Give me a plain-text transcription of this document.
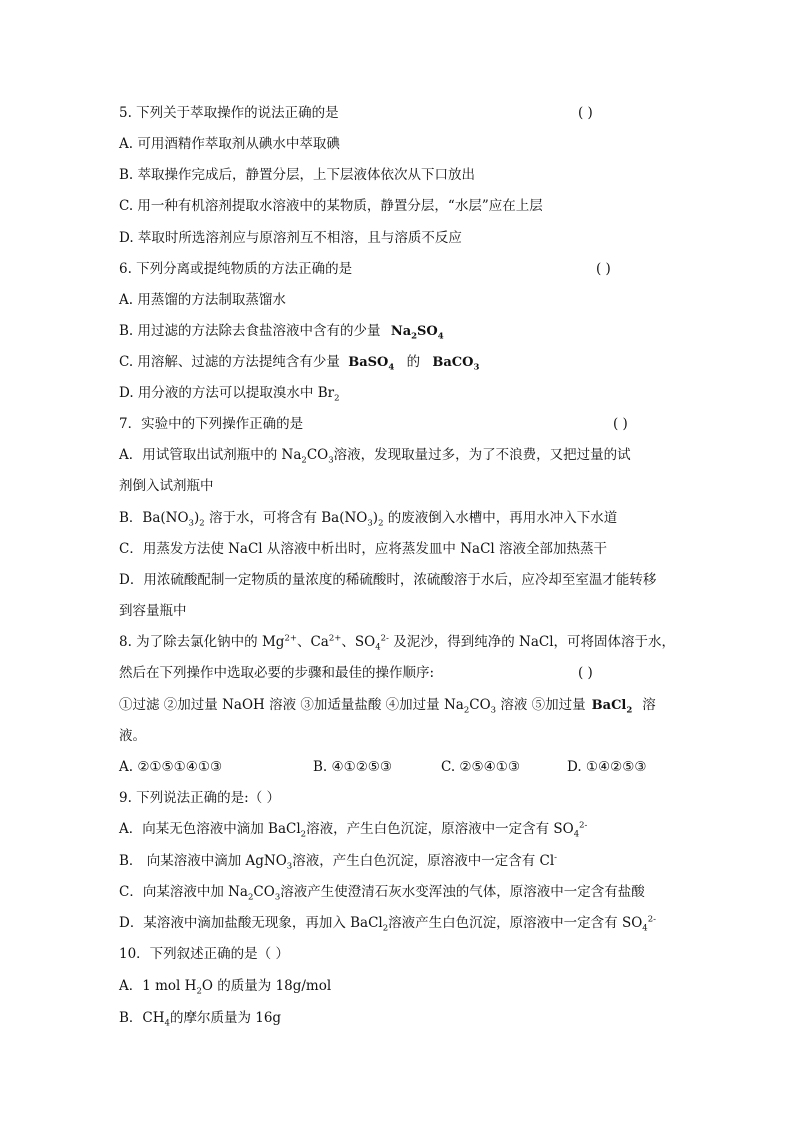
5. 下列关于萃取操作的说法正确的是	( )
A. 可用酒精作萃取剂从碘水中萃取碘
B. 萃取操作完成后，静置分层，上下层液体依次从下口放出
C. 用一种有机溶剂提取水溶液中的某物质，静置分层，“水层”应在上层
D. 萃取时所选溶剂应与原溶剂互不相溶，且与溶质不反应
6. 下列分离或提纯物质的方法正确的是	( )
A. 用蒸馏的方法制取蒸馏水
B. 用过滤的方法除去食盐溶液中含有的少量 $Na_2SO_4$
C. 用溶解、过滤的方法提纯含有少量 BaSO$_4$ 的 BaCO$_3$
D. 用分液的方法可以提取溴水中 $Br_2$
7．实验中的下列操作正确的是	( )
A．用试管取出试剂瓶中的 $Na_2CO_3$溶液，发现取量过多，为了不浪费，又把过量的试
剂倒入试剂瓶中
B．$Ba(NO_3)_2$ 溶于水，可将含有 $Ba(NO_3)_2$ 的废液倒入水槽中，再用水冲入下水道
C．用蒸发方法使 NaCl 从溶液中析出时，应将蒸发皿中 NaCl 溶液全部加热蒸干
D．用浓硫酸配制一定物质的量浓度的稀硫酸时，浓硫酸溶于水后，应冷却至室温才能转移
到容量瓶中
8. 为了除去氯化钠中的 $Mg^{2+}$、$Ca^{2+}$、$SO_4^{2-}$ 及泥沙，得到纯净的 NaCl，可将固体溶于水，
然后在下列操作中选取必要的步骤和最佳的操作顺序:	( )
①过滤 ②加过量 NaOH 溶液 ③加适量盐酸 ④加过量 $Na_2CO_3$ 溶液 ⑤加过量 BaCl$_2$ 溶
液。
A. ②①⑤①④①③	B. ④①②⑤③	C. ②⑤④①③	D. ①④②⑤③
9. 下列说法正确的是:（ ）
A．向某无色溶液中滴加 BaCl$_2$溶液，产生白色沉淀，原溶液中一定含有 $SO_4^{2-}$
B． 向某溶液中滴加 AgNO$_3$溶液，产生白色沉淀，原溶液中一定含有 Cl-
C．向某溶液中加 $Na_2CO_3$溶液产生使澄清石灰水变浑浊的气体，原溶液中一定含有盐酸
D．某溶液中滴加盐酸无现象，再加入 BaCl$_2$溶液产生白色沉淀，原溶液中一定含有 $SO_4^{2-}$
10．下列叙述正确的是（ ）
A．1 mol $H_2O$ 的质量为 18g/mol
B．$CH_4$的摩尔质量为 16g
